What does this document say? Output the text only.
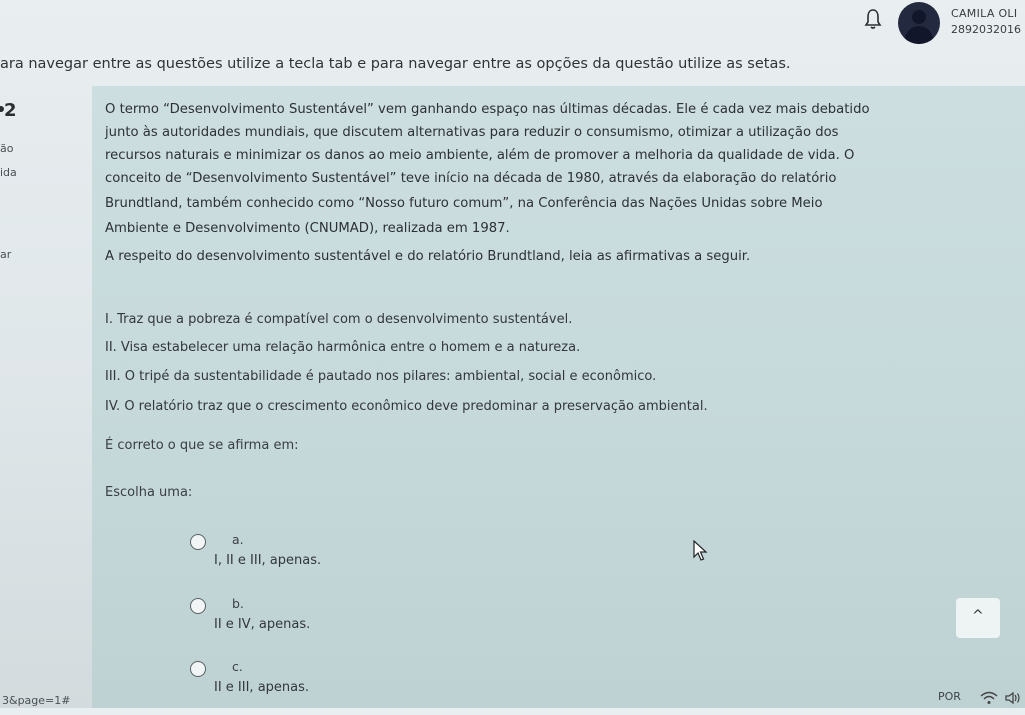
CAMILA OLI
2892032016
ara navegar entre as questões utilize a tecla tab e para navegar entre as opções da questão utilize as setas.
2
ão
ida
ar
O termo “Desenvolvimento Sustentável” vem ganhando espaço nas últimas décadas. Ele é cada vez mais debatido
junto às autoridades mundiais, que discutem alternativas para reduzir o consumismo, otimizar a utilização dos
recursos naturais e minimizar os danos ao meio ambiente, além de promover a melhoria da qualidade de vida. O
conceito de “Desenvolvimento Sustentável” teve início na década de 1980, através da elaboração do relatório
Brundtland, também conhecido como “Nosso futuro comum”, na Conferência das Nações Unidas sobre Meio
Ambiente e Desenvolvimento (CNUMAD), realizada em 1987.
A respeito do desenvolvimento sustentável e do relatório Brundtland, leia as afirmativas a seguir.
I. Traz que a pobreza é compatível com o desenvolvimento sustentável.
II. Visa estabelecer uma relação harmônica entre o homem e a natureza.
III. O tripé da sustentabilidade é pautado nos pilares: ambiental, social e econômico.
IV. O relatório traz que o crescimento econômico deve predominar a preservação ambiental.
É correto o que se afirma em:
Escolha uma:
a.
I, II e III, apenas.
b.
II e IV, apenas.
c.
II e III, apenas.
^
3&page=1#	POR
